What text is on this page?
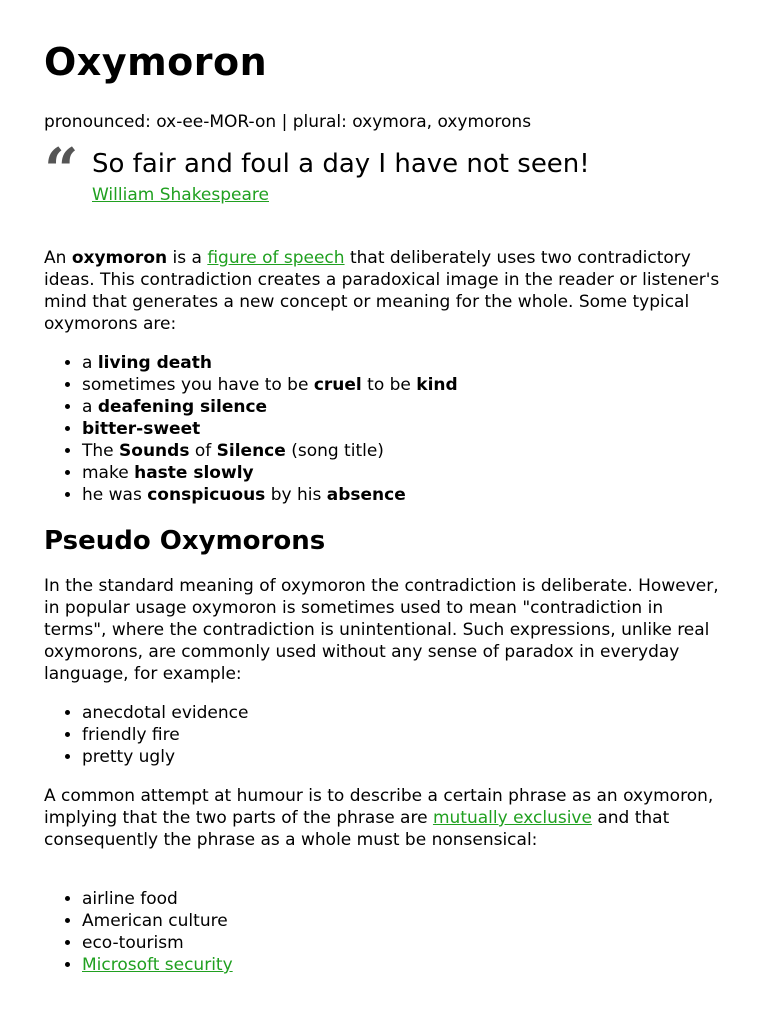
Oxymoron
pronounced: ox-ee-MOR-on | plural: oxymora, oxymorons
“ So fair and foul a day I have not seen!
William Shakespeare
An oxymoron is a figure of speech that deliberately uses two contradictory ideas. This contradiction creates a paradoxical image in the reader or listener's mind that generates a new concept or meaning for the whole. Some typical oxymorons are:
• a living death
• sometimes you have to be cruel to be kind
• a deafening silence
• bitter-sweet
• The Sounds of Silence (song title)
• make haste slowly
• he was conspicuous by his absence
Pseudo Oxymorons
In the standard meaning of oxymoron the contradiction is deliberate. However, in popular usage oxymoron is sometimes used to mean "contradiction in terms", where the contradiction is unintentional. Such expressions, unlike real oxymorons, are commonly used without any sense of paradox in everyday language, for example:
• anecdotal evidence
• friendly fire
• pretty ugly
A common attempt at humour is to describe a certain phrase as an oxymoron, implying that the two parts of the phrase are mutually exclusive and that consequently the phrase as a whole must be nonsensical:
• airline food
• American culture
• eco-tourism
• Microsoft security
